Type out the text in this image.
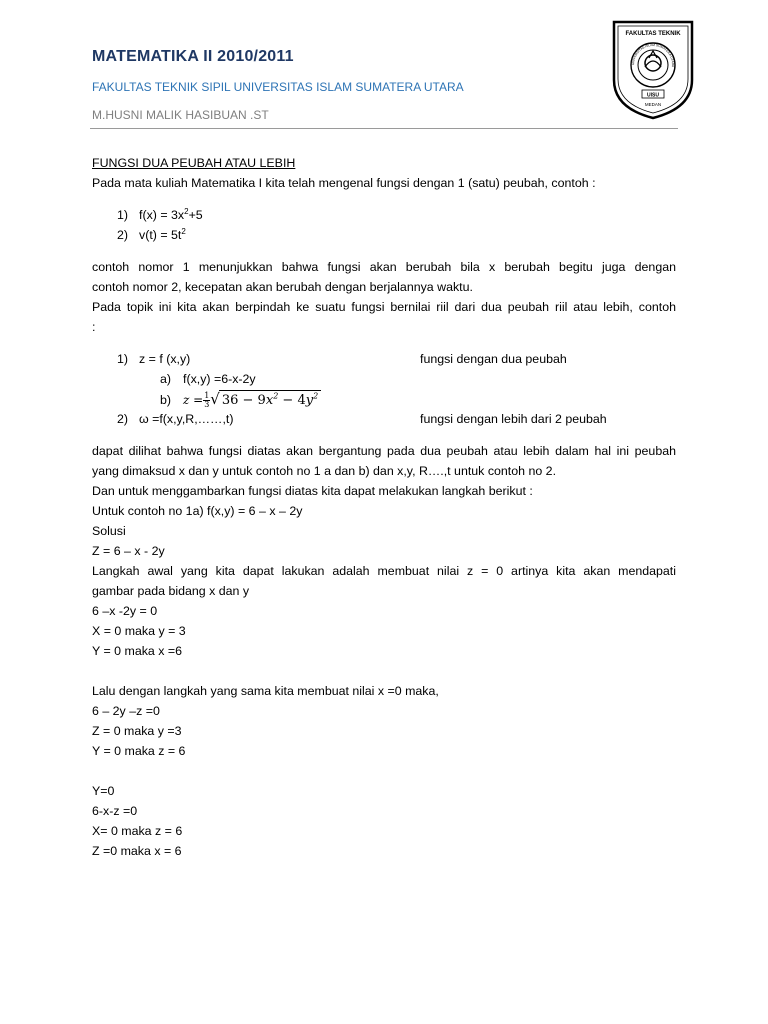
MATEMATIKA II 2010/2011
FAKULTAS TEKNIK SIPIL UNIVERSITAS ISLAM SUMATERA UTARA
M.HUSNI MALIK HASIBUAN .ST
FAKULTAS TEKNIK
UNIVERSITAS ISLAM SUMATERA UTARA
UISU
MEDAN
FUNGSI DUA PEUBAH ATAU LEBIH
Pada mata kuliah Matematika I kita telah mengenal fungsi dengan 1 (satu) peubah, contoh :
1) $f(x) = 3x^2+5$
2) $v(t) = 5t^2$
contoh nomor 1 menunjukkan bahwa fungsi akan berubah bila x berubah begitu juga dengan
contoh nomor 2, kecepatan akan berubah dengan berjalannya waktu.
Pada topik ini kita akan berpindah ke suatu fungsi bernilai riil dari dua peubah riil atau lebih, contoh
:
1) z = f (x,y)	fungsi dengan dua peubah
a) f(x,y) =6-x-2y
b) $z = \frac{1}{3}$ √ $36 - 9x^2 - 4y^2$
2) ω =f(x,y,R,……,t)	fungsi dengan lebih dari 2 peubah
dapat dilihat bahwa fungsi diatas akan bergantung pada dua peubah atau lebih dalam hal ini peubah
yang dimaksud x dan y untuk contoh no 1 a dan b) dan x,y, R….,t untuk contoh no 2.
Dan untuk menggambarkan fungsi diatas kita dapat melakukan langkah berikut :
Untuk contoh no 1a) f(x,y) = 6 – x – 2y
Solusi
Z = 6 – x - 2y
Langkah awal yang kita dapat lakukan adalah membuat nilai z = 0 artinya kita akan mendapati
gambar pada bidang x dan y
6 –x -2y = 0
X = 0 maka y = 3
Y = 0 maka x =6
Lalu dengan langkah yang sama kita membuat nilai x =0 maka,
6 – 2y –z =0
Z = 0 maka y =3
Y = 0 maka z = 6
Y=0
6-x-z =0
X= 0 maka z = 6
Z =0 maka x = 6
